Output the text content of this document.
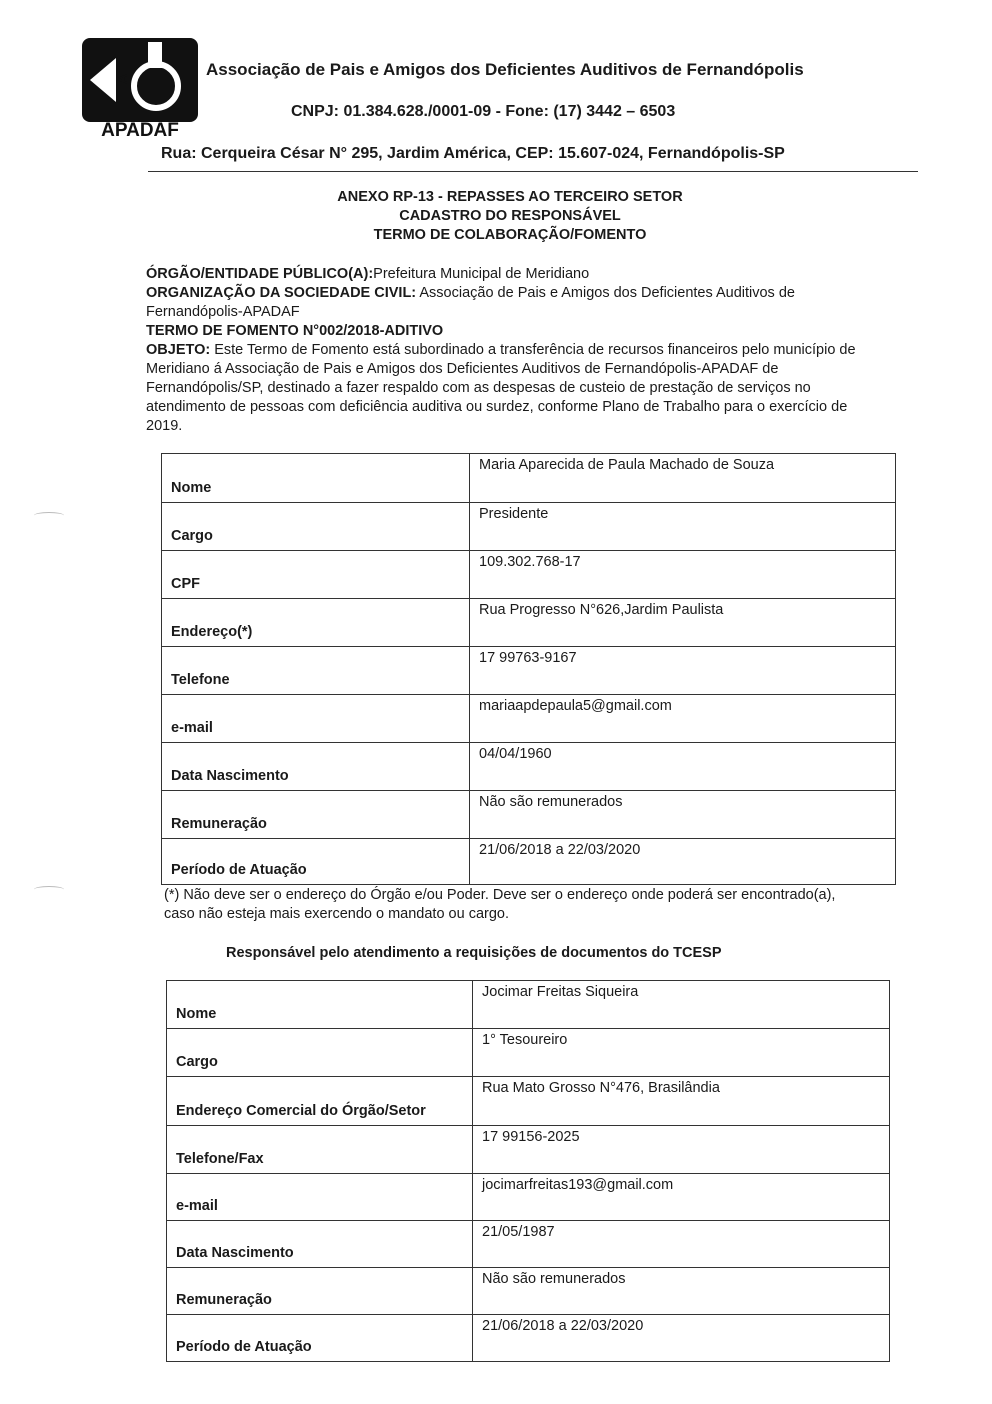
A
APADAF
Associação de Pais e Amigos dos Deficientes Auditivos de Fernandópolis
CNPJ: 01.384.628./0001-09 - Fone: (17) 3442 – 6503
Rua: Cerqueira César N° 295, Jardim América, CEP: 15.607-024, Fernandópolis-SP
ANEXO RP-13 - REPASSES AO TERCEIRO SETOR
CADASTRO DO RESPONSÁVEL
TERMO DE COLABORAÇÃO/FOMENTO

ÓRGÃO/ENTIDADE PÚBLICO(A):Prefeitura Municipal de Meridiano

ORGANIZAÇÃO DA SOCIEDADE CIVIL: Associação de Pais e Amigos dos Deficientes Auditivos de Fernandópolis-APADAF

TERMO DE FOMENTO N°002/2018-ADITIVO

OBJETO: Este Termo de Fomento está subordinado a transferência de recursos financeiros pelo município de Meridiano á Associação de Pais e Amigos dos Deficientes Auditivos de Fernandópolis-APADAF de Fernandópolis/SP, destinado a fazer respaldo com as despesas de custeio de prestação de serviços no atendimento de pessoas com deficiência auditiva ou surdez, conforme Plano de Trabalho para o exercício de 2019.

Nome	Maria Aparecida de Paula Machado de Souza
Cargo	Presidente
CPF	109.302.768-17
Endereço(*)	Rua Progresso N°626,Jardim Paulista
Telefone	17 99763-9167
e-mail	mariaapdepaula5@gmail.com
Data Nascimento	04/04/1960
Remuneração	Não são remunerados
Período de Atuação	21/06/2018 a 22/03/2020
(*) Não deve ser o endereço do Órgão e/ou Poder. Deve ser o endereço onde poderá ser encontrado(a), caso não esteja mais exercendo o mandato ou cargo.
Responsável pelo atendimento a requisições de documentos do TCESP
Nome	Jocimar Freitas Siqueira
Cargo	1° Tesoureiro
Endereço Comercial do Órgão/Setor	Rua Mato Grosso N°476, Brasilândia
Telefone/Fax	17 99156-2025
e-mail	jocimarfreitas193@gmail.com
Data Nascimento	21/05/1987
Remuneração	Não são remunerados
Período de Atuação	21/06/2018 a 22/03/2020
